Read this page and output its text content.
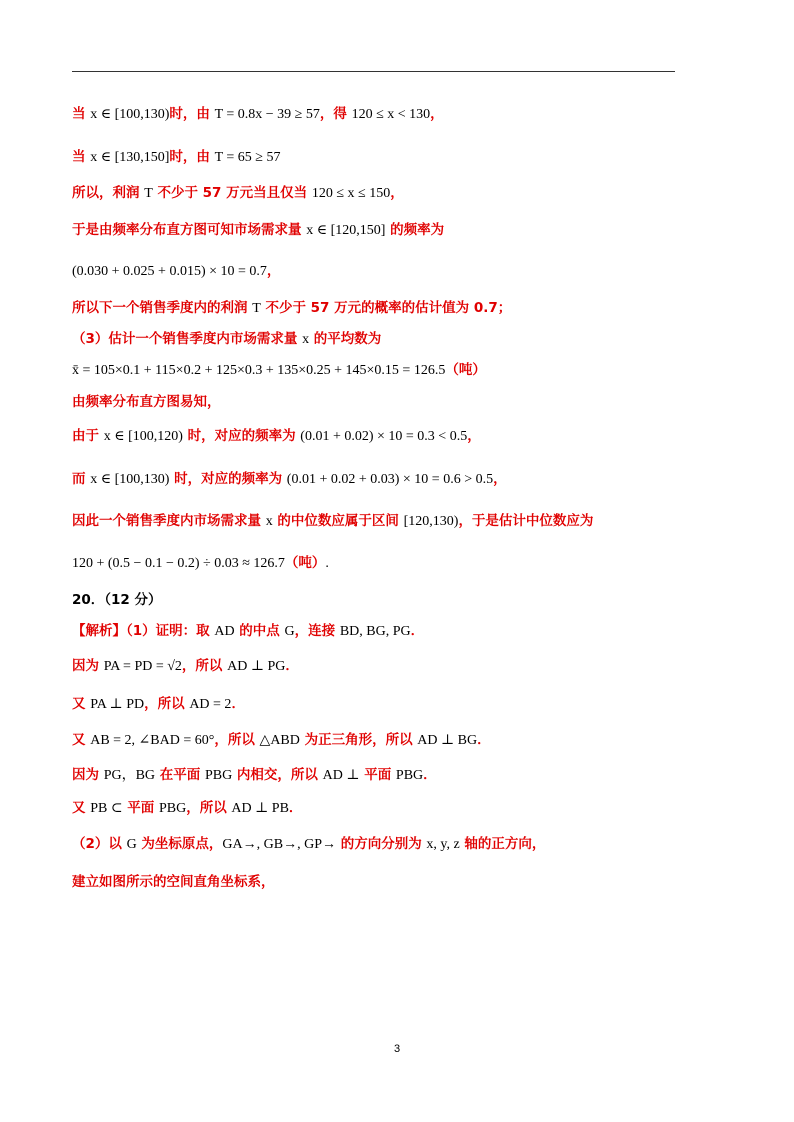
当 x ∈ [100,130)时，由 T = 0.8x − 39 ≥ 57，得 120 ≤ x < 130，
当 x ∈ [130,150]时，由 T = 65 ≥ 57
所以，利润 T 不少于 57 万元当且仅当 120 ≤ x ≤ 150，
于是由频率分布直方图可知市场需求量 x ∈ [120,150] 的频率为
(0.030 + 0.025 + 0.015) × 10 = 0.7，
所以下一个销售季度内的利润 T 不少于 57 万元的概率的估计值为 0.7；
（3）估计一个销售季度内市场需求量 x 的平均数为
x̄ = 105×0.1 + 115×0.2 + 125×0.3 + 135×0.25 + 145×0.15 = 126.5（吨）
由频率分布直方图易知，
由于 x ∈ [100,120) 时，对应的频率为 (0.01 + 0.02) × 10 = 0.3 < 0.5，
而 x ∈ [100,130) 时，对应的频率为 (0.01 + 0.02 + 0.03) × 10 = 0.6 > 0.5，
因此一个销售季度内市场需求量 x 的中位数应属于区间 [120,130)，于是估计中位数应为
120 + (0.5 − 0.1 − 0.2) ÷ 0.03 ≈ 126.7（吨）.
20．（12 分）
【解析】（1）证明：取 AD 的中点 G，连接 BD, BG, PG．
因为 PA = PD = √2，所以 AD ⊥ PG．
又 PA ⊥ PD，所以 AD = 2．
又 AB = 2, ∠BAD = 60°，所以 △ABD 为正三角形，所以 AD ⊥ BG．
因为 PG，BG 在平面 PBG 内相交，所以 AD ⊥ 平面 PBG．
又 PB ⊂ 平面 PBG，所以 AD ⊥ PB．
（2）以 G 为坐标原点，GA→, GB→, GP→ 的方向分别为 x, y, z 轴的正方向，
建立如图所示的空间直角坐标系，
3
